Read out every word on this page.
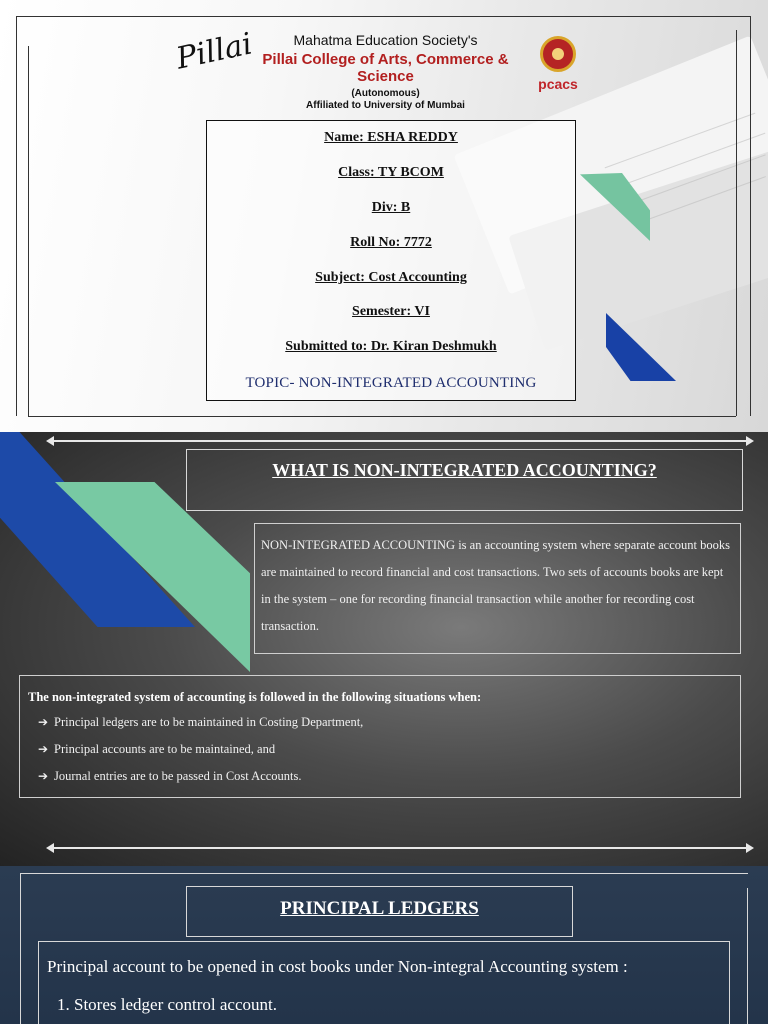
Pillai	Mahatma Education Society's
Pillai College of Arts, Commerce & Science
(Autonomous)
Affiliated to University of Mumbai
pcacs
Name: ESHA REDDY
Class: TY BCOM
Div: B
Roll No: 7772
Subject: Cost Accounting
Semester: VI
Submitted to: Dr. Kiran Deshmukh
TOPIC- NON-INTEGRATED ACCOUNTING
WHAT IS NON-INTEGRATED ACCOUNTING?
NON-INTEGRATED ACCOUNTING is an accounting system where separate account books are maintained to record financial and cost transactions. Two sets of accounts books are kept in the system – one for recording financial transaction while another for recording cost transaction.
The non-integrated system of accounting is followed in the following situations when:
➔ Principal ledgers are to be maintained in Costing Department,
➔ Principal accounts are to be maintained, and
➔ Journal entries are to be passed in Cost Accounts.
PRINCIPAL LEDGERS
Principal account to be opened in cost books under Non-integral Accounting system :
1. Stores ledger control account.
